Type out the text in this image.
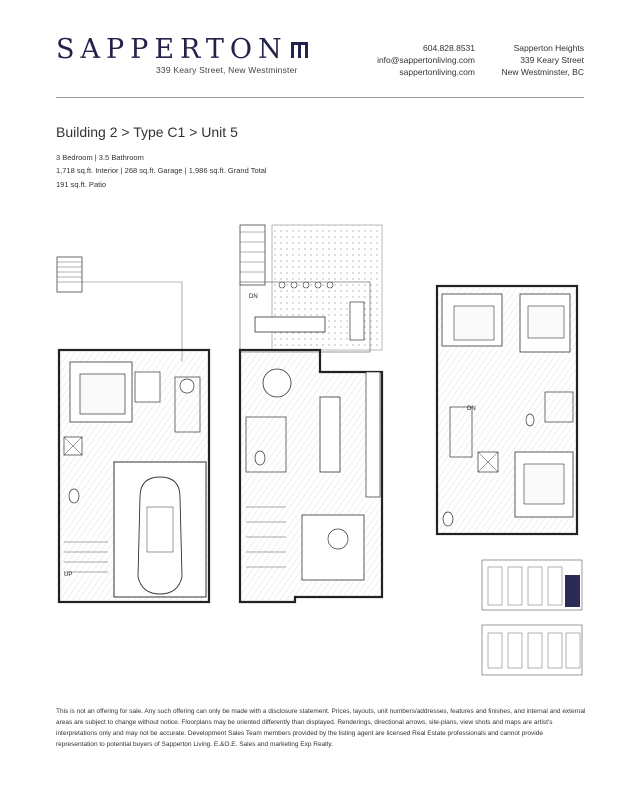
SAPPERTON
339 Keary Street, New Westminster
604.828.8531
info@sappertonliving.com
sappertonliving.com
Sapperton Heights
339 Keary Street
New Westminster, BC
Building 2 > Type C1 > Unit 5
3 Bedroom | 3.5 Bathroom
1,718 sq.ft. Interior | 268 sq.ft. Garage | 1,986 sq.ft. Grand Total
191 sq.ft. Patio
UP
DN
DN
This is not an offering for sale. Any such offering can only be made with a disclosure statement. Prices, layouts, unit numbers/addresses, features and finishes, and internal and external areas are subject to change without notice. Floorplans may be oriented differently than displayed. Renderings, directional arrows, site-plans, view shots and maps are artist's interpretations only and may not be accurate. Development Sales Team members provided by the listing agent are licensed Real Estate professionals and cannot provide representation to potential buyers of Sapperton Living. E.&O.E. Sales and marketing Exp Realty.
